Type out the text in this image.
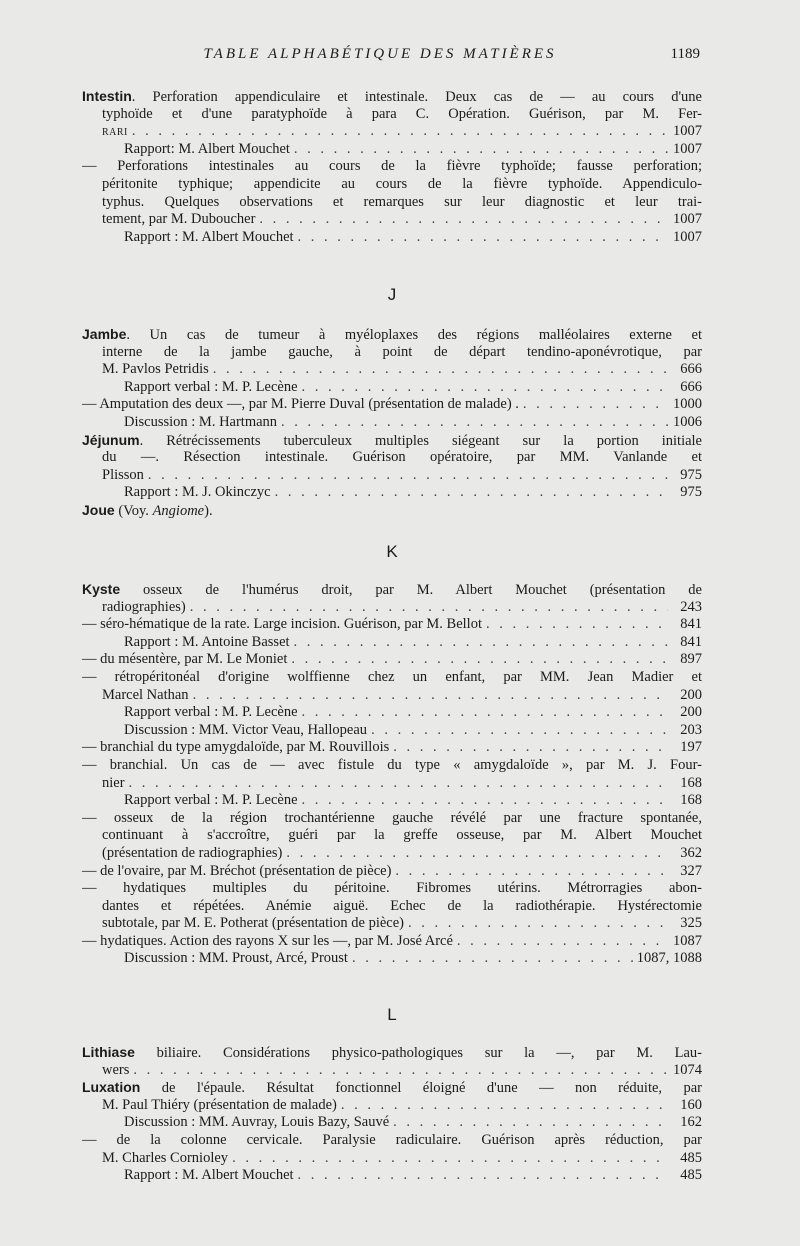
TABLE ALPHABÉTIQUE DES MATIÈRES	1189
Intestin. Perforation appendiculaire et intestinale. Deux cas de — au cours d'une
typhoïde et d'une paratyphoïde à para C. Opération. Guérison, par M. Fer-
rari . . .	1007
Rapport: M. Albert Mouchet . . .	1007
— Perforations intestinales au cours de la fièvre typhoïde; fausse perforation;
péritonite typhique; appendicite au cours de la fièvre typhoïde. Appendiculo-
typhus. Quelques observations et remarques sur leur diagnostic et leur trai-
tement, par M. Duboucher . . .	1007
Rapport : M. Albert Mouchet . . .	1007
J
Jambe. Un cas de tumeur à myéloplaxes des régions malléolaires externe et
interne de la jambe gauche, à point de départ tendino-aponévrotique, par
M. Pavlos Petridis . . .	666
Rapport verbal : M. P. Lecène . . .	666
— Amputation des deux —, par M. Pierre Duval (présentation de malade) . . . .	1000
Discussion : M. Hartmann . . .	1006
Jéjunum. Rétrécissements tuberculeux multiples siégeant sur la portion initiale
du —. Résection intestinale. Guérison opératoire, par MM. Vanlande et
Plisson . . .	975
Rapport : M. J. Okinczyc . . .	975
Joue (Voy. Angiome).
K
Kyste osseux de l'humérus droit, par M. Albert Mouchet (présentation de
radiographies) . . .	243
— séro-hématique de la rate. Large incision. Guérison, par M. Bellot . . .	841
Rapport : M. Antoine Basset . . .	841
— du mésentère, par M. Le Moniet . . .	897
— rétropéritonéal d'origine wolffienne chez un enfant, par MM. Jean Madier et
Marcel Nathan . . .	200
Rapport verbal : M. P. Lecène . . .	200
Discussion : MM. Victor Veau, Hallopeau . . .	203
— branchial du type amygdaloïde, par M. Rouvillois . . .	197
— branchial. Un cas de — avec fistule du type « amygdaloïde », par M. J. Four-
nier . . .	168
Rapport verbal : M. P. Lecène . . .	168
— osseux de la région trochantérienne gauche révélé par une fracture spontanée,
continuant à s'accroître, guéri par la greffe osseuse, par M. Albert Mouchet
(présentation de radiographies) . . .	362
— de l'ovaire, par M. Bréchot (présentation de pièce) . . .	327
— hydatiques multiples du péritoine. Fibromes utérins. Métrorragies abon-
dantes et répétées. Anémie aiguë. Echec de la radiothérapie. Hystérectomie
subtotale, par M. E. Potherat (présentation de pièce) . . .	325
— hydatiques. Action des rayons X sur les —, par M. José Arcé . . .	1087
Discussion : MM. Proust, Arcé, Proust . . .	1087, 1088
L
Lithiase biliaire. Considérations physico-pathologiques sur la —, par M. Lau-
wers . . .	1074
Luxation de l'épaule. Résultat fonctionnel éloigné d'une — non réduite, par
M. Paul Thiéry (présentation de malade) . . .	160
Discussion : MM. Auvray, Louis Bazy, Sauvé . . .	162
— de la colonne cervicale. Paralysie radiculaire. Guérison après réduction, par
M. Charles Cornioley . . .	485
Rapport : M. Albert Mouchet . . .	485
